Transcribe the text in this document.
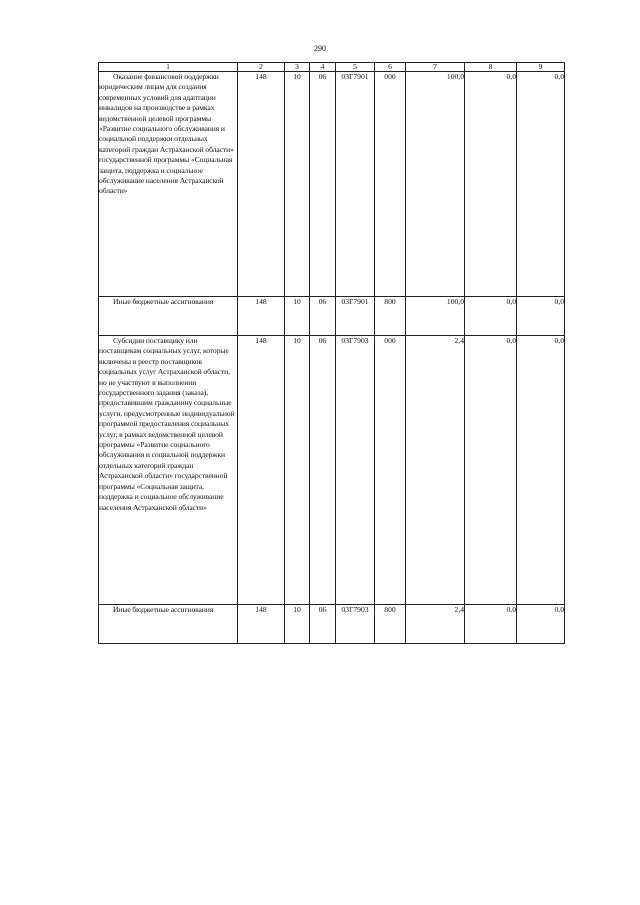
290
1	2	3	4	5	6	7	8	9
Оказание финансовой поддержки юридическим лицам для создания современных условий для адаптации инвалидов на производстве в рамках ведомственной целевой программы «Развитие социального обслуживания и социальной поддержки отдельных категорий граждан Астраханской области» государственной программы «Социальная защита, поддержка и социальное обслуживание населения Астраханской области»	148	10	06	03Г7901	000	100,0	0,0	0,0
Иные бюджетные ассигнования	148	10	06	03Г7901	800	100,0	0,0	0,0
Субсидии поставщику или поставщикам социальных услуг, которые включены в реестр поставщиков социальных услуг Астраханской области, но не участвуют в выполнении государственного задания (заказа), предоставившим гражданину социальные услуги, предусмотренные индивидуальной программой предоставления социальных услуг, в рамках ведомственной целевой программы «Развитие социального обслуживания и социальной поддержки отдельных категорий граждан Астраханской области» государственной программы «Социальная защита, поддержка и социальное обслуживание населения Астраханской области»	148	10	06	03Г7903	000	2,4	0,0	0,0
Иные бюджетные ассигнования	148	10	06	03Г7903	800	2,4	0,0	0,0
